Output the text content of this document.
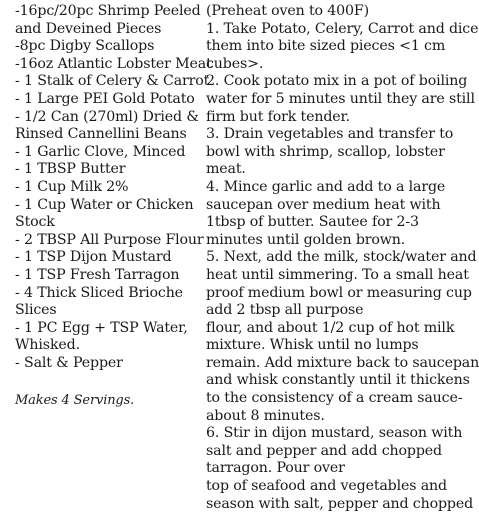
-16pc/20pc Shrimp Peeled
and Deveined Pieces
-8pc Digby Scallops
-16oz Atlantic Lobster Meat
- 1 Stalk of Celery & Carrot
- 1 Large PEI Gold Potato
- 1/2 Can (270ml) Dried &
Rinsed Cannellini Beans
- 1 Garlic Clove, Minced
- 1 TBSP Butter
- 1 Cup Milk 2%
- 1 Cup Water or Chicken
Stock
- 2 TBSP All Purpose Flour
- 1 TSP Dijon Mustard
- 1 TSP Fresh Tarragon
- 4 Thick Sliced Brioche
Slices
- 1 PC Egg + TSP Water,
Whisked.
- Salt & Pepper
Makes 4 Servings.
(Preheat oven to 400F)
1. Take Potato, Celery, Carrot and dice
them into bite sized pieces <1 cm
cubes>.
2. Cook potato mix in a pot of boiling
water for 5 minutes until they are still
firm but fork tender.
3. Drain vegetables and transfer to
bowl with shrimp, scallop, lobster
meat.
4. Mince garlic and add to a large
saucepan over medium heat with
1tbsp of butter. Sautee for 2-3
minutes until golden brown.
5. Next, add the milk, stock/water and
heat until simmering. To a small heat
proof medium bowl or measuring cup
add 2 tbsp all purpose
flour, and about 1/2 cup of hot milk
mixture. Whisk until no lumps
remain. Add mixture back to saucepan
and whisk constantly until it thickens
to the consistency of a cream sauce-
about 8 minutes.
6. Stir in dijon mustard, season with
salt and pepper and add chopped
tarragon. Pour over
top of seafood and vegetables and
season with salt, pepper and chopped
